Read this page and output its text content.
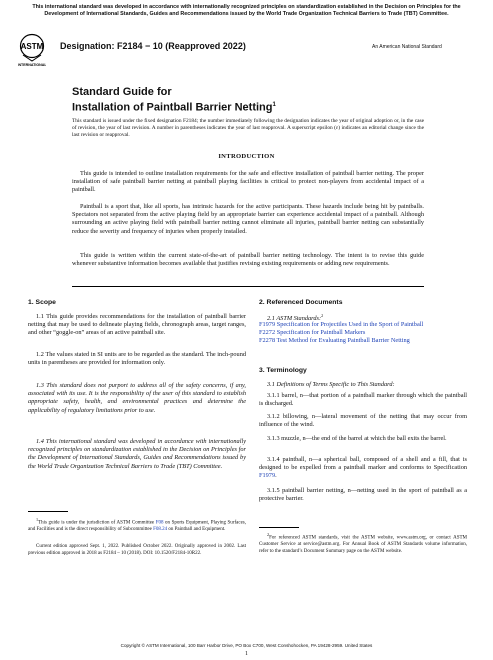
This international standard was developed in accordance with internationally recognized principles on standardization established in the Decision on Principles for the Development of International Standards, Guides and Recommendations issued by the World Trade Organization Technical Barriers to Trade (TBT) Committee.
ASTM
INTERNATIONAL
Designation: F2184 − 10 (Reapproved 2022)	An American National Standard
Standard Guide for
Installation of Paintball Barrier Netting$^1$
This standard is issued under the fixed designation F2184; the number immediately following the designation indicates the year of original adoption or, in the case of revision, the year of last revision. A number in parentheses indicates the year of last reapproval. A superscript epsilon (ε) indicates an editorial change since the last revision or reapproval.
INTRODUCTION
This guide is intended to outline installation requirements for the safe and effective installation of paintball barrier netting. The proper installation of safe paintball barrier netting at paintball playing facilities is critical to protect non-players from accidental impact of a paintball.
Paintball is a sport that, like all sports, has intrinsic hazards for the active participants. These hazards include being hit by paintballs. Spectators not separated from the active playing field by an appropriate barrier can experience accidental impact of a paintball. Although surrounding an active playing field with paintball barrier netting cannot eliminate all injuries, paintball barrier netting can substantially reduce the severity and frequency of injuries when properly installed.
This guide is written within the current state-of-the-art of paintball barrier netting technology. The intent is to revise this guide whenever substantive information becomes available that justifies revising existing requirements or adding new requirements.
1. Scope
1.1 This guide provides recommendations for the installation of paintball barrier netting that may be used to delineate playing fields, chronograph areas, target ranges, and other “goggle-on” areas of an active paintball site.
1.2 The values stated in SI units are to be regarded as the standard. The inch-pound units in parentheses are provided for information only.
1.3 This standard does not purport to address all of the safety concerns, if any, associated with its use. It is the responsibility of the user of this standard to establish appropriate safety, health, and environmental practices and determine the applicability of regulatory limitations prior to use.
1.4 This international standard was developed in accordance with internationally recognized principles on standardization established in the Decision on Principles for the Development of International Standards, Guides and Recommendations issued by the World Trade Organization Technical Barriers to Trade (TBT) Committee.
$^1$This guide is under the jurisdiction of ASTM Committee F08 on Sports Equipment, Playing Surfaces, and Facilities and is the direct responsibility of Subcommittee F08.24 on Paintball and Equipment.
Current edition approved Sept. 1, 2022. Published October 2022. Originally approved in 2002. Last previous edition approved in 2018 as F2184 – 10 (2018). DOI: 10.1520/F2184-10R22.
2. Referenced Documents
2.1 ASTM Standards:$^2$
F1979 Specification for Projectiles Used in the Sport of Paintball
F2272 Specification for Paintball Markers
F2278 Test Method for Evaluating Paintball Barrier Netting
3. Terminology
3.1 Definitions of Terms Specific to This Standard:
3.1.1 barrel, n—that portion of a paintball marker through which the paintball is discharged.
3.1.2 billowing, n—lateral movement of the netting that may occur from influence of the wind.
3.1.3 muzzle, n—the end of the barrel at which the ball exits the barrel.
3.1.4 paintball, n—a spherical ball, composed of a shell and a fill, that is designed to be expelled from a paintball marker and conforms to Specification F1979.
3.1.5 paintball barrier netting, n—netting used in the sport of paintball as a protective barrier.
$^2$For referenced ASTM standards, visit the ASTM website, www.astm.org, or contact ASTM Customer Service at service@astm.org. For Annual Book of ASTM Standards volume information, refer to the standard’s Document Summary page on the ASTM website.
Copyright © ASTM International, 100 Barr Harbor Drive, PO Box C700, West Conshohocken, PA 19428-2959. United States
1
